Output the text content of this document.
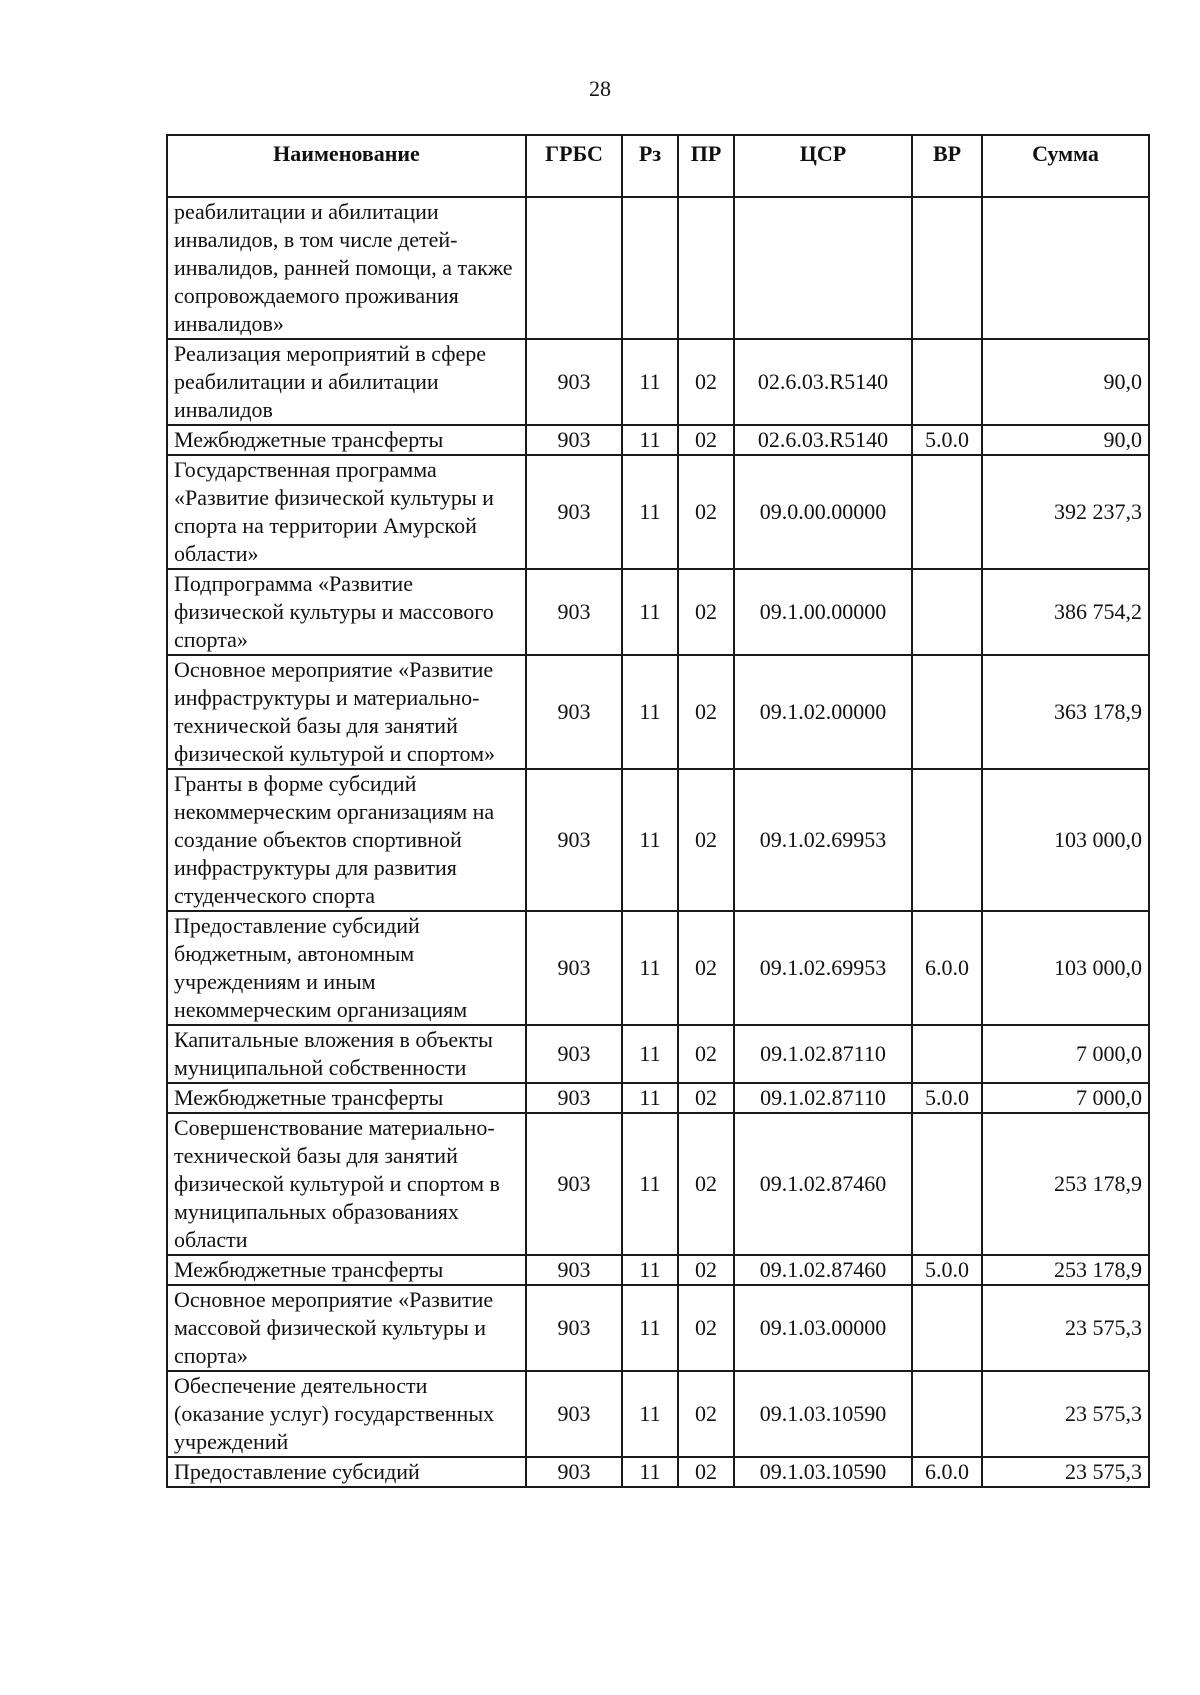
28
Наименование	ГРБС	Рз	ПР	ЦСР	ВР	Сумма
реабилитации и абилитации инвалидов, в том числе детей-инвалидов, ранней помощи, а также сопровождаемого проживания инвалидов»						
Реализация мероприятий в сфере реабилитации и абилитации инвалидов	903	11	02	02.6.03.R5140		90,0
Межбюджетные трансферты	903	11	02	02.6.03.R5140	5.0.0	90,0
Государственная программа «Развитие физической культуры и спорта на территории Амурской области»	903	11	02	09.0.00.00000		392 237,3
Подпрограмма «Развитие физической культуры и массового спорта»	903	11	02	09.1.00.00000		386 754,2
Основное мероприятие «Развитие инфраструктуры и материально-технической базы для занятий физической культурой и спортом»	903	11	02	09.1.02.00000		363 178,9
Гранты в форме субсидий некоммерческим организациям на создание объектов спортивной инфраструктуры для развития студенческого спорта	903	11	02	09.1.02.69953		103 000,0
Предоставление субсидий бюджетным, автономным учреждениям и иным некоммерческим организациям	903	11	02	09.1.02.69953	6.0.0	103 000,0
Капитальные вложения в объекты муниципальной собственности	903	11	02	09.1.02.87110		7 000,0
Межбюджетные трансферты	903	11	02	09.1.02.87110	5.0.0	7 000,0
Совершенствование материально-технической базы для занятий физической культурой и спортом в муниципальных образованиях области	903	11	02	09.1.02.87460		253 178,9
Межбюджетные трансферты	903	11	02	09.1.02.87460	5.0.0	253 178,9
Основное мероприятие «Развитие массовой физической культуры и спорта»	903	11	02	09.1.03.00000		23 575,3
Обеспечение деятельности (оказание услуг) государственных учреждений	903	11	02	09.1.03.10590		23 575,3
Предоставление субсидий	903	11	02	09.1.03.10590	6.0.0	23 575,3
